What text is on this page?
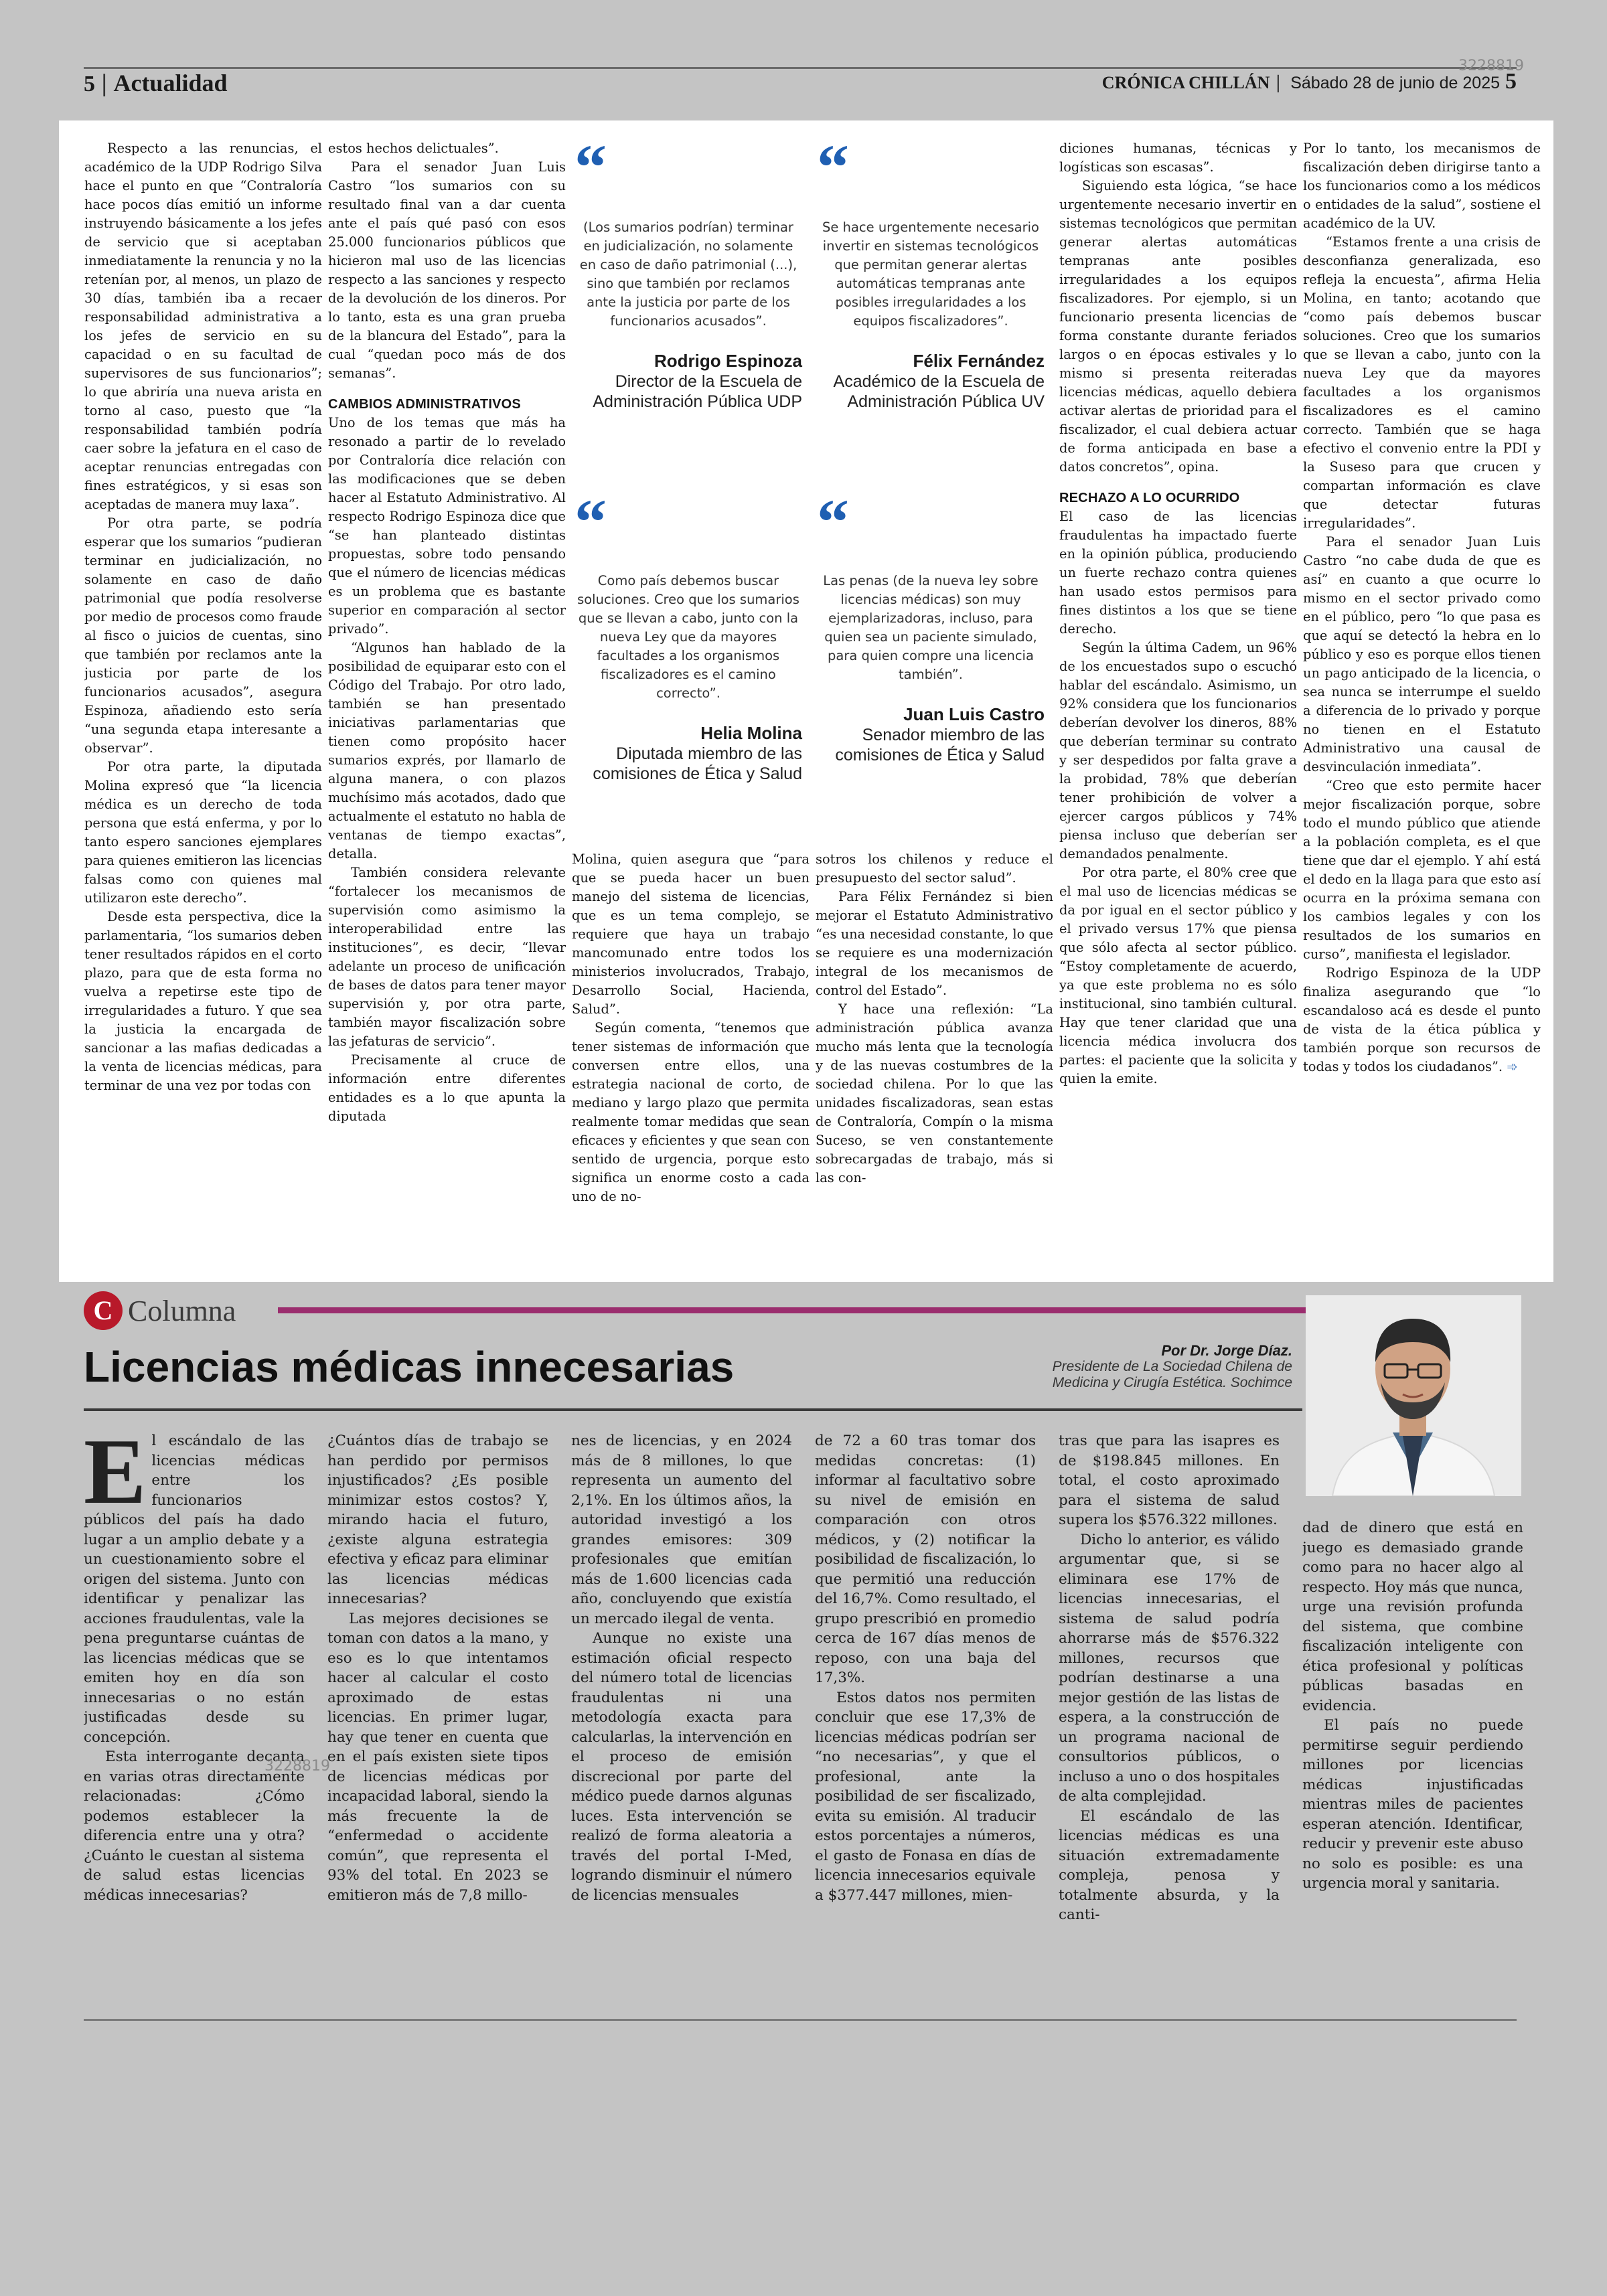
5 | Actualidad	CRÓNICA CHILLÁN | Sábado 28 de junio de 2025 5
3228819

Respecto a las renuncias, el académico de la UDP Rodrigo Silva hace el punto en que “Contraloría hace pocos días emitió un informe instruyendo básicamente a los jefes de servicio que si aceptaban inmediatamente la renuncia y no la retenían por, al menos, un plazo de 30 días, también iba a recaer responsabilidad administrativa a los jefes de servicio en su capacidad o en su facultad de supervisores de sus funcionarios”; lo que abriría una nueva arista en torno al caso, puesto que “la responsabilidad también podría caer sobre la jefatura en el caso de aceptar renuncias entregadas con fines estratégicos, y si esas son aceptadas de manera muy laxa”.

Por otra parte, se podría esperar que los sumarios “pudieran terminar en judicialización, no solamente en caso de daño patrimonial que podía resolverse por medio de procesos como fraude al fisco o juicios de cuentas, sino que también por reclamos ante la justicia por parte de los funcionarios acusados”, asegura Espinoza, añadiendo esto sería “una segunda etapa interesante a observar”.

Por otra parte, la diputada Molina expresó que “la licencia médica es un derecho de toda persona que está enferma, y por lo tanto espero sanciones ejemplares para quienes emitieron las licencias falsas como con quienes mal utilizaron este derecho”.

Desde esta perspectiva, dice la parlamentaria, “los sumarios deben tener resultados rápidos en el corto plazo, para que de esta forma no vuelva a repetirse este tipo de irregularidades a futuro. Y que sea la justicia la encargada de sancionar a las mafias dedicadas a la venta de licencias médicas, para terminar de una vez por todas con

estos hechos delictuales”.

Para el senador Juan Luis Castro “los sumarios con su resultado final van a dar cuenta ante el país qué pasó con esos 25.000 funcionarios públicos que hicieron mal uso de las licencias respecto a las sanciones y respecto de la devolución de los dineros. Por lo tanto, esta es una gran prueba de la blancura del Estado”, para la cual “quedan poco más de dos semanas”.

CAMBIOS ADMINISTRATIVOS

Uno de los temas que más ha resonado a partir de lo revelado por Contraloría dice relación con las modificaciones que se deben hacer al Estatuto Administrativo. Al respecto Rodrigo Espinoza dice que “se han planteado distintas propuestas, sobre todo pensando que el número de licencias médicas es un problema que es bastante superior en comparación al sector privado”.

“Algunos han hablado de la posibilidad de equiparar esto con el Código del Trabajo. Por otro lado, también se han presentado iniciativas parlamentarias que tienen como propósito hacer sumarios exprés, por llamarlo de alguna manera, o con plazos muchísimo más acotados, dado que actualmente el estatuto no habla de ventanas de tiempo exactas”, detalla.

También considera relevante “fortalecer los mecanismos de supervisión como asimismo la interoperabilidad entre las instituciones”, es decir, “llevar adelante un proceso de unificación de bases de datos para tener mayor supervisión y, por otra parte, también mayor fiscalización sobre las jefaturas de servicio”.

Precisamente al cruce de información entre diferentes entidades es a lo que apunta la diputada

“
(Los sumarios podrían) terminar en judicialización, no solamente en caso de daño patrimonial (...), sino que también por reclamos ante la justicia por parte de los funcionarios acusados”.
Rodrigo Espinoza
Director de la Escuela de Administración Pública UDP
“
Se hace urgentemente necesario invertir en sistemas tecnológicos que permitan generar alertas automáticas tempranas ante posibles irregularidades a los equipos fiscalizadores”.
Félix Fernández
Académico de la Escuela de Administración Pública UV
“
Como país debemos buscar soluciones. Creo que los sumarios que se llevan a cabo, junto con la nueva Ley que da mayores facultades a los organismos fiscalizadores es el camino correcto”.
Helia Molina
Diputada miembro de las comisiones de Ética y Salud
“
Las penas (de la nueva ley sobre licencias médicas) son muy ejemplarizadoras, incluso, para quien sea un paciente simulado, para quien compre una licencia también”.
Juan Luis Castro
Senador miembro de las comisiones de Ética y Salud

Molina, quien asegura que “para que se pueda hacer un buen manejo del sistema de licencias, que es un tema complejo, se requiere que haya un trabajo mancomunado entre todos los ministerios involucrados, Trabajo, Desarrollo Social, Hacienda, Salud”.

Según comenta, “tenemos que tener sistemas de información que conversen entre ellos, una estrategia nacional de corto, de mediano y largo plazo que permita realmente tomar medidas que sean eficaces y eficientes y que sean con sentido de urgencia, porque esto significa un enorme costo a cada uno de no-

sotros los chilenos y reduce el presupuesto del sector salud”.

Para Félix Fernández si bien mejorar el Estatuto Administrativo “es una necesidad constante, lo que se requiere es una modernización integral de los mecanismos de control del Estado”.

Y hace una reflexión: “La administración pública avanza mucho más lenta que la tecnología y de las nuevas costumbres de la sociedad chilena. Por lo que las unidades fiscalizadoras, sean estas de Contraloría, Compín o la misma Suceso, se ven constantemente sobrecargadas de trabajo, más si las con-

diciones humanas, técnicas y logísticas son escasas”.

Siguiendo esta lógica, “se hace urgentemente necesario invertir en sistemas tecnológicos que permitan generar alertas automáticas tempranas ante posibles irregularidades a los equipos fiscalizadores. Por ejemplo, si un funcionario presenta licencias de forma constante durante feriados largos o en épocas estivales y lo mismo si presenta reiteradas licencias médicas, aquello debiera activar alertas de prioridad para el fiscalizador, el cual debiera actuar de forma anticipada en base a datos concretos”, opina.

RECHAZO A LO OCURRIDO

El caso de las licencias fraudulentas ha impactado fuerte en la opinión pública, produciendo un fuerte rechazo contra quienes han usado estos permisos para fines distintos a los que se tiene derecho.

Según la última Cadem, un 96% de los encuestados supo o escuchó hablar del escándalo. Asimismo, un 92% considera que los funcionarios deberían devolver los dineros, 88% que deberían terminar su contrato y ser despedidos por falta grave a la probidad, 78% que deberían tener prohibición de volver a ejercer cargos públicos y 74% piensa incluso que deberían ser demandados penalmente.

Por otra parte, el 80% cree que el mal uso de licencias médicas se da por igual en el sector público y el privado versus 17% que piensa que sólo afecta al sector público. “Estoy completamente de acuerdo, ya que este problema no es sólo institucional, sino también cultural. Hay que tener claridad que una licencia médica involucra dos partes: el paciente que la solicita y quien la emite.

Por lo tanto, los mecanismos de fiscalización deben dirigirse tanto a los funcionarios como a los médicos o entidades de la salud”, sostiene el académico de la UV.

“Estamos frente a una crisis de desconfianza generalizada, eso refleja la encuesta”, afirma Helia Molina, en tanto; acotando que “como país debemos buscar soluciones. Creo que los sumarios que se llevan a cabo, junto con la nueva Ley que da mayores facultades a los organismos fiscalizadores es el camino correcto. También que se haga efectivo el convenio entre la PDI y la Suseso para que crucen y compartan información es clave que detectar futuras irregularidades”.

Para el senador Juan Luis Castro “no cabe duda de que es así” en cuanto a que ocurre lo mismo en el sector privado como en el público, pero “lo que pasa es que aquí se detectó la hebra en lo público y eso es porque ellos tienen un pago anticipado de la licencia, o sea nunca se interrumpe el sueldo a diferencia de lo privado y porque no tienen en el Estatuto Administrativo una causal de desvinculación inmediata”.

“Creo que esto permite hacer mejor fiscalización porque, sobre todo el mundo público que atiende a la población completa, es el que tiene que dar el ejemplo. Y ahí está el dedo en la llaga para que esto así ocurra en la próxima semana con los cambios legales y con los resultados de los sumarios en curso”, manifiesta el legislador.

Rodrigo Espinoza de la UDP finaliza asegurando que “lo escandaloso acá es desde el punto de vista de la ética pública y también porque son recursos de todas y todos los ciudadanos”. ➾

C Columna
Licencias médicas innecesarias	Por Dr. Jorge Díaz.
Presidente de La Sociedad Chilena de
Medicina y Cirugía Estética. Sochimce

El escándalo de las licencias médicas entre los funcionarios públicos del país ha dado lugar a un amplio debate y a un cuestionamiento sobre el origen del sistema. Junto con identificar y penalizar las acciones fraudulentas, vale la pena preguntarse cuántas de las licencias médicas que se emiten hoy en día son innecesarias o no están justificadas desde su concepción.

Esta interrogante decanta en varias otras directamente relacionadas: ¿Cómo podemos establecer la diferencia entre una y otra? ¿Cuánto le cuestan al sistema de salud estas licencias médicas innecesarias?

¿Cuántos días de trabajo se han perdido por permisos injustificados? ¿Es posible minimizar estos costos? Y, mirando hacia el futuro, ¿existe alguna estrategia efectiva y eficaz para eliminar las licencias médicas innecesarias?

Las mejores decisiones se toman con datos a la mano, y eso es lo que intentamos hacer al calcular el costo aproximado de estas licencias. En primer lugar, hay que tener en cuenta que en el país existen siete tipos de licencias médicas por incapacidad laboral, siendo la más frecuente la de “enfermedad o accidente común”, que representa el 93% del total. En 2023 se emitieron más de 7,8 millo-

nes de licencias, y en 2024 más de 8 millones, lo que representa un aumento del 2,1%. En los últimos años, la autoridad investigó a los grandes emisores: 309 profesionales que emitían más de 1.600 licencias cada año, concluyendo que existía un mercado ilegal de venta.

Aunque no existe una estimación oficial respecto del número total de licencias fraudulentas ni una metodología exacta para calcularlas, la intervención en el proceso de emisión discrecional por parte del médico puede darnos algunas luces. Esta intervención se realizó de forma aleatoria a través del portal I-Med, logrando disminuir el número de licencias mensuales

de 72 a 60 tras tomar dos medidas concretas: (1) informar al facultativo sobre su nivel de emisión en comparación con otros médicos, y (2) notificar la posibilidad de fiscalización, lo que permitió una reducción del 16,7%. Como resultado, el grupo prescribió en promedio cerca de 167 días menos de reposo, con una baja del 17,3%.

Estos datos nos permiten concluir que ese 17,3% de licencias médicas podrían ser “no necesarias”, y que el profesional, ante la posibilidad de ser fiscalizado, evita su emisión. Al traducir estos porcentajes a números, el gasto de Fonasa en días de licencia innecesarios equivale a $377.447 millones, mien-

tras que para las isapres es de $198.845 millones. En total, el costo aproximado para el sistema de salud supera los $576.322 millones.

Dicho lo anterior, es válido argumentar que, si se eliminara ese 17% de licencias innecesarias, el sistema de salud podría ahorrarse más de $576.322 millones, recursos que podrían destinarse a una mejor gestión de las listas de espera, a la construcción de un programa nacional de consultorios públicos, o incluso a uno o dos hospitales de alta complejidad.

El escándalo de las licencias médicas es una situación extremadamente compleja, penosa y totalmente absurda, y la canti-

dad de dinero que está en juego es demasiado grande como para no hacer algo al respecto. Hoy más que nunca, urge una revisión profunda del sistema, que combine fiscalización inteligente con ética profesional y políticas públicas basadas en evidencia.

El país no puede permitirse seguir perdiendo millones por licencias médicas injustificadas mientras miles de pacientes esperan atención. Identificar, reducir y prevenir este abuso no solo es posible: es una urgencia moral y sanitaria.

3228819
